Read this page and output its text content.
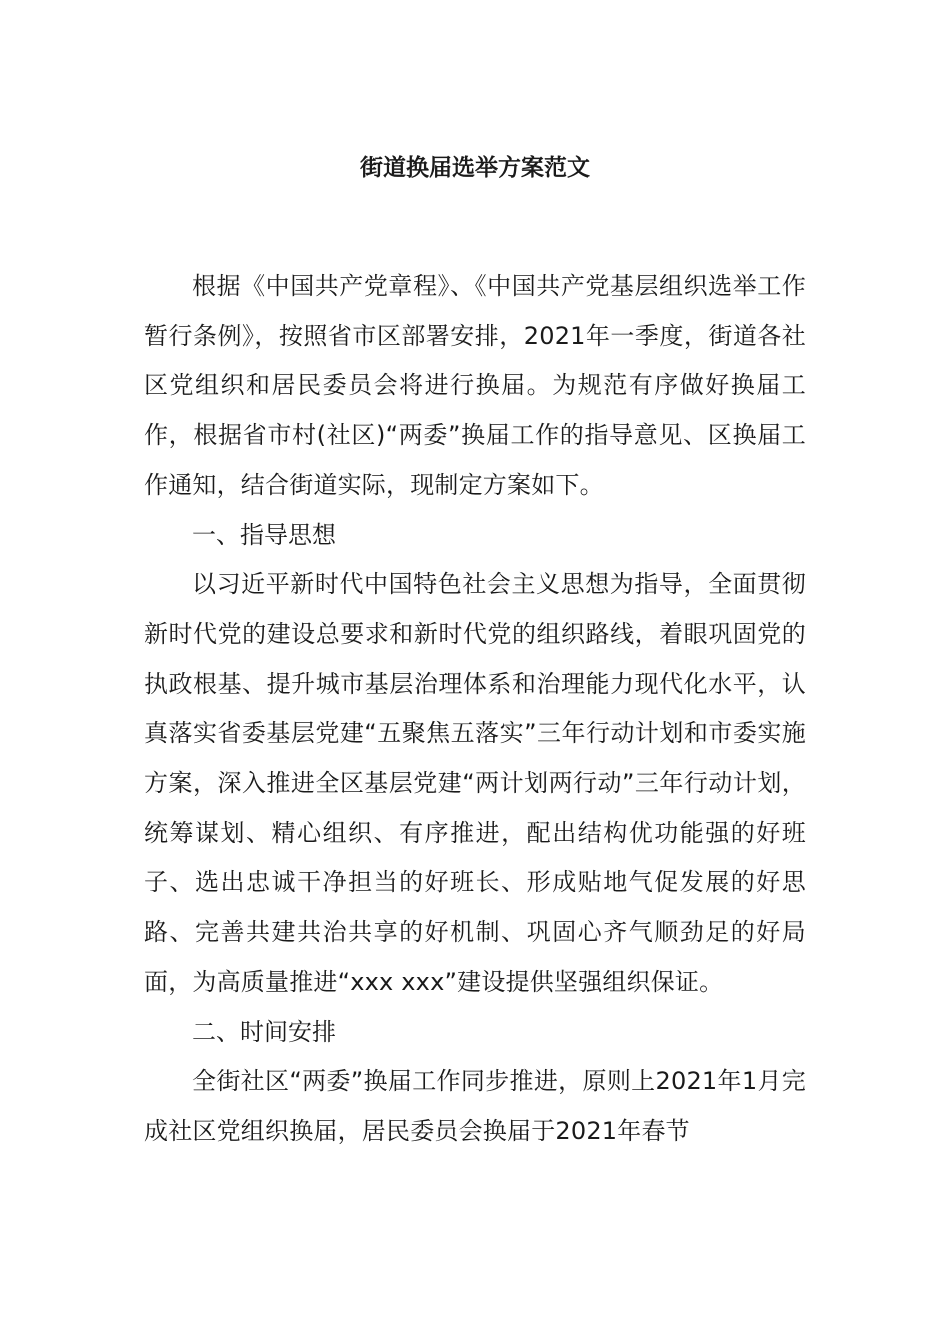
街道换届选举方案范文

根据《中国共产党章程》、《中国共产党基层组织选举工作暂行条例》，按照省市区部署安排，2021年一季度，街道各社区党组织和居民委员会将进行换届。为规范有序做好换届工作，根据省市村(社区)“两委”换届工作的指导意见、区换届工作通知，结合街道实际，现制定方案如下。

一、指导思想

以习近平新时代中国特色社会主义思想为指导，全面贯彻新时代党的建设总要求和新时代党的组织路线，着眼巩固党的执政根基、提升城市基层治理体系和治理能力现代化水平，认真落实省委基层党建“五聚焦五落实”三年行动计划和市委实施方案，深入推进全区基层党建“两计划两行动”三年行动计划，统筹谋划、精心组织、有序推进，配出结构优功能强的好班子、选出忠诚干净担当的好班长、形成贴地气促发展的好思路、完善共建共治共享的好机制、巩固心齐气顺劲足的好局面，为高质量推进“xxx xxx”建设提供坚强组织保证。

二、时间安排

全街社区“两委”换届工作同步推进，原则上2021年1月完成社区党组织换届，居民委员会换届于2021年春节
